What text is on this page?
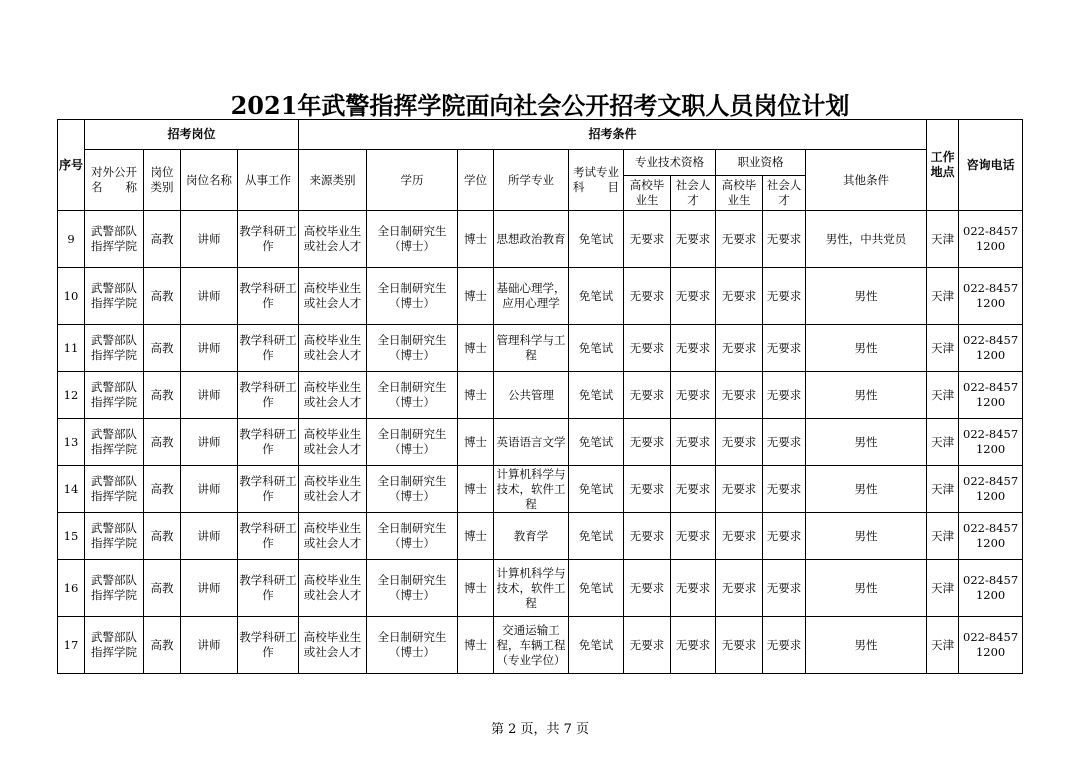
2021年武警指挥学院面向社会公开招考文职人员岗位计划
序号	招考岗位				招考条件										工作地点	咨询电话
	对外公开名　　称	岗位类别	岗位名称	从事工作	来源类别	学历	学位	所学专业	考试专业科　　目	专业技术资格		职业资格		其他条件		
										高校毕业生	社会人才	高校毕业生	社会人才			
9	武警部队指挥学院	高教	讲师	教学科研工作	高校毕业生或社会人才	全日制研究生（博士）	博士	思想政治教育	免笔试	无要求	无要求	无要求	无要求	男性，中共党员	天津	022-84571200
10	武警部队指挥学院	高教	讲师	教学科研工作	高校毕业生或社会人才	全日制研究生（博士）	博士	基础心理学，应用心理学	免笔试	无要求	无要求	无要求	无要求	男性	天津	022-84571200
11	武警部队指挥学院	高教	讲师	教学科研工作	高校毕业生或社会人才	全日制研究生（博士）	博士	管理科学与工程	免笔试	无要求	无要求	无要求	无要求	男性	天津	022-84571200
12	武警部队指挥学院	高教	讲师	教学科研工作	高校毕业生或社会人才	全日制研究生（博士）	博士	公共管理	免笔试	无要求	无要求	无要求	无要求	男性	天津	022-84571200
13	武警部队指挥学院	高教	讲师	教学科研工作	高校毕业生或社会人才	全日制研究生（博士）	博士	英语语言文学	免笔试	无要求	无要求	无要求	无要求	男性	天津	022-84571200
14	武警部队指挥学院	高教	讲师	教学科研工作	高校毕业生或社会人才	全日制研究生（博士）	博士	计算机科学与技术，软件工程	免笔试	无要求	无要求	无要求	无要求	男性	天津	022-84571200
15	武警部队指挥学院	高教	讲师	教学科研工作	高校毕业生或社会人才	全日制研究生（博士）	博士	教育学	免笔试	无要求	无要求	无要求	无要求	男性	天津	022-84571200
16	武警部队指挥学院	高教	讲师	教学科研工作	高校毕业生或社会人才	全日制研究生（博士）	博士	计算机科学与技术，软件工程	免笔试	无要求	无要求	无要求	无要求	男性	天津	022-84571200
17	武警部队指挥学院	高教	讲师	教学科研工作	高校毕业生或社会人才	全日制研究生（博士）	博士	交通运输工程，车辆工程（专业学位）	免笔试	无要求	无要求	无要求	无要求	男性	天津	022-84571200
第 2 页，共 7 页
